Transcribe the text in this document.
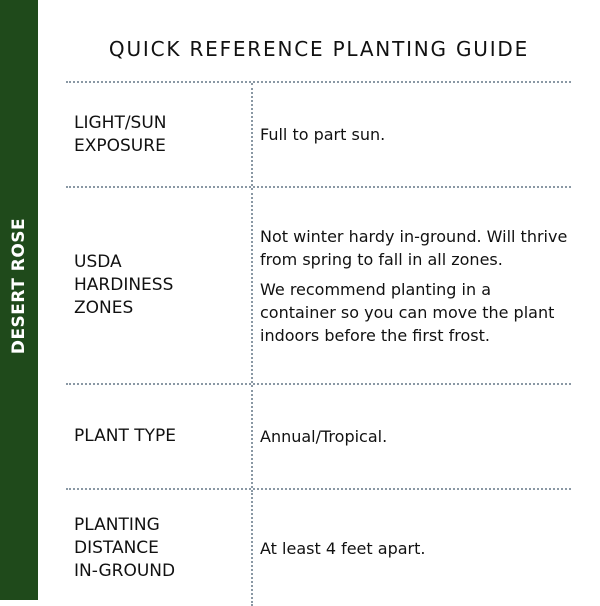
DESERT ROSE
QUICK REFERENCE PLANTING GUIDE
LIGHT/SUN
EXPOSURE

Full to part sun.

USDA
HARDINESS
ZONES

Not winter hardy in-ground. Will thrive from spring to fall in all zones.

We recommend planting in a container so you can move the plant indoors before the first frost.

PLANT TYPE	Annual/Tropical.

PLANTING
DISTANCE
IN-GROUND

At least 4 feet apart.
